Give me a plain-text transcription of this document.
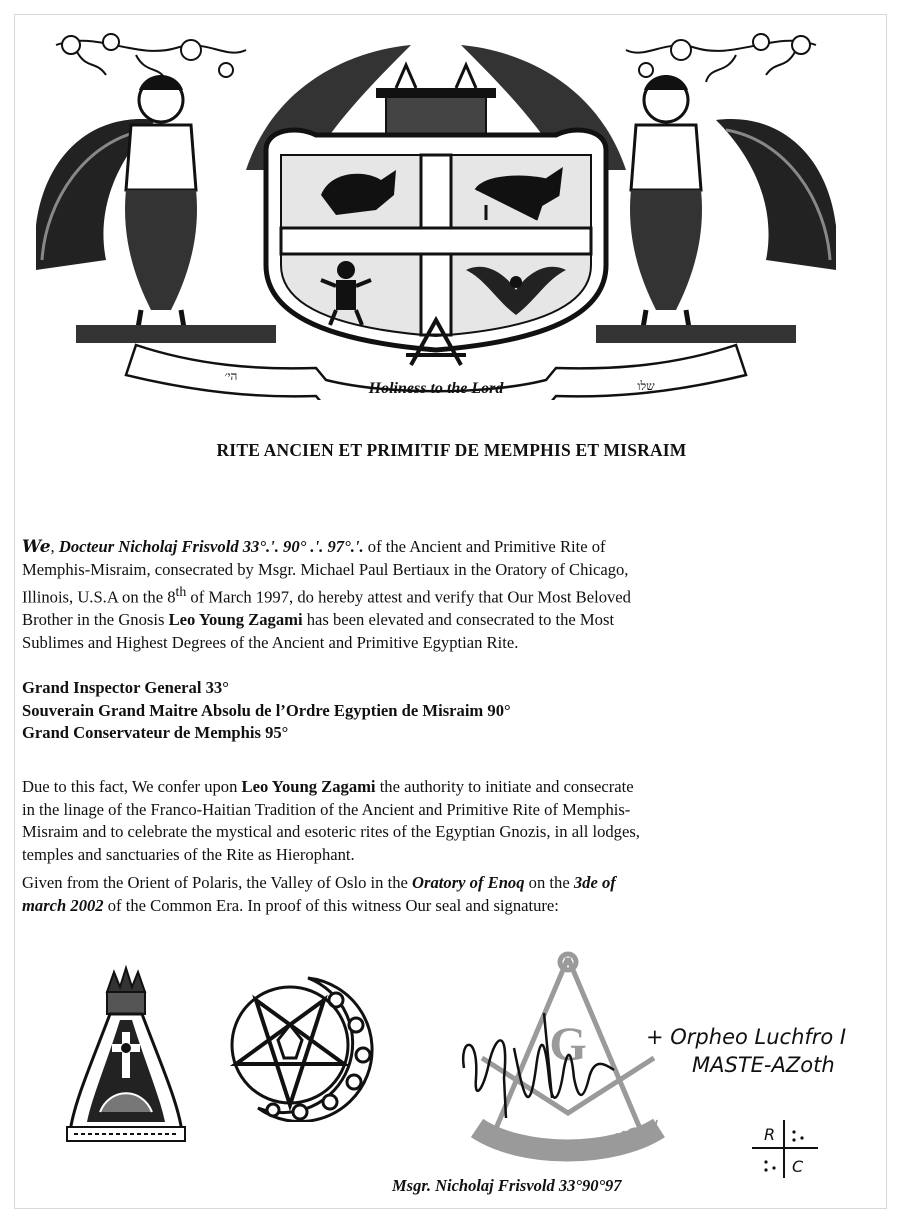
Holiness to the Lord
הי׳
שלו
RITE ANCIEN ET PRIMITIF DE MEMPHIS ET MISRAIM
We, Docteur Nicholaj Frisvold 33°.'. 90° .'. 97°.'. of the Ancient and Primitive Rite of
Memphis-Misraim, consecrated by Msgr. Michael Paul Bertiaux in the Oratory of Chicago,
Illinois, U.S.A on the 8th of March 1997, do hereby attest and verify that Our Most Beloved
Brother in the Gnosis Leo Young Zagami has been elevated and consecrated to the Most
Sublimes and Highest Degrees of the Ancient and Primitive Egyptian Rite.
Grand Inspector General 33°
Souverain Grand Maitre Absolu de l’Ordre Egyptien de Misraim 90°
Grand Conservateur de Memphis 95°
Due to this fact, We confer upon Leo Young Zagami the authority to initiate and consecrate
in the linage of the Franco-Haitian Tradition of the Ancient and Primitive Rite of Memphis-
Misraim and to celebrate the mystical and esoteric rites of the Egyptian Gnozis, in all lodges,
temples and sanctuaries of the Rite as Hierophant.
Given from the Orient of Polaris, the Valley of Oslo in the Oratory of Enoq on the 3de of
march 2002 of the Common Era. In proof of this witness Our seal and signature:
G
FAITH HOPE
CHARITY
+ Orpheo Luchfro I
MASTE-AZoth
R
C
Msgr. Nicholaj Frisvold 33°90°97
